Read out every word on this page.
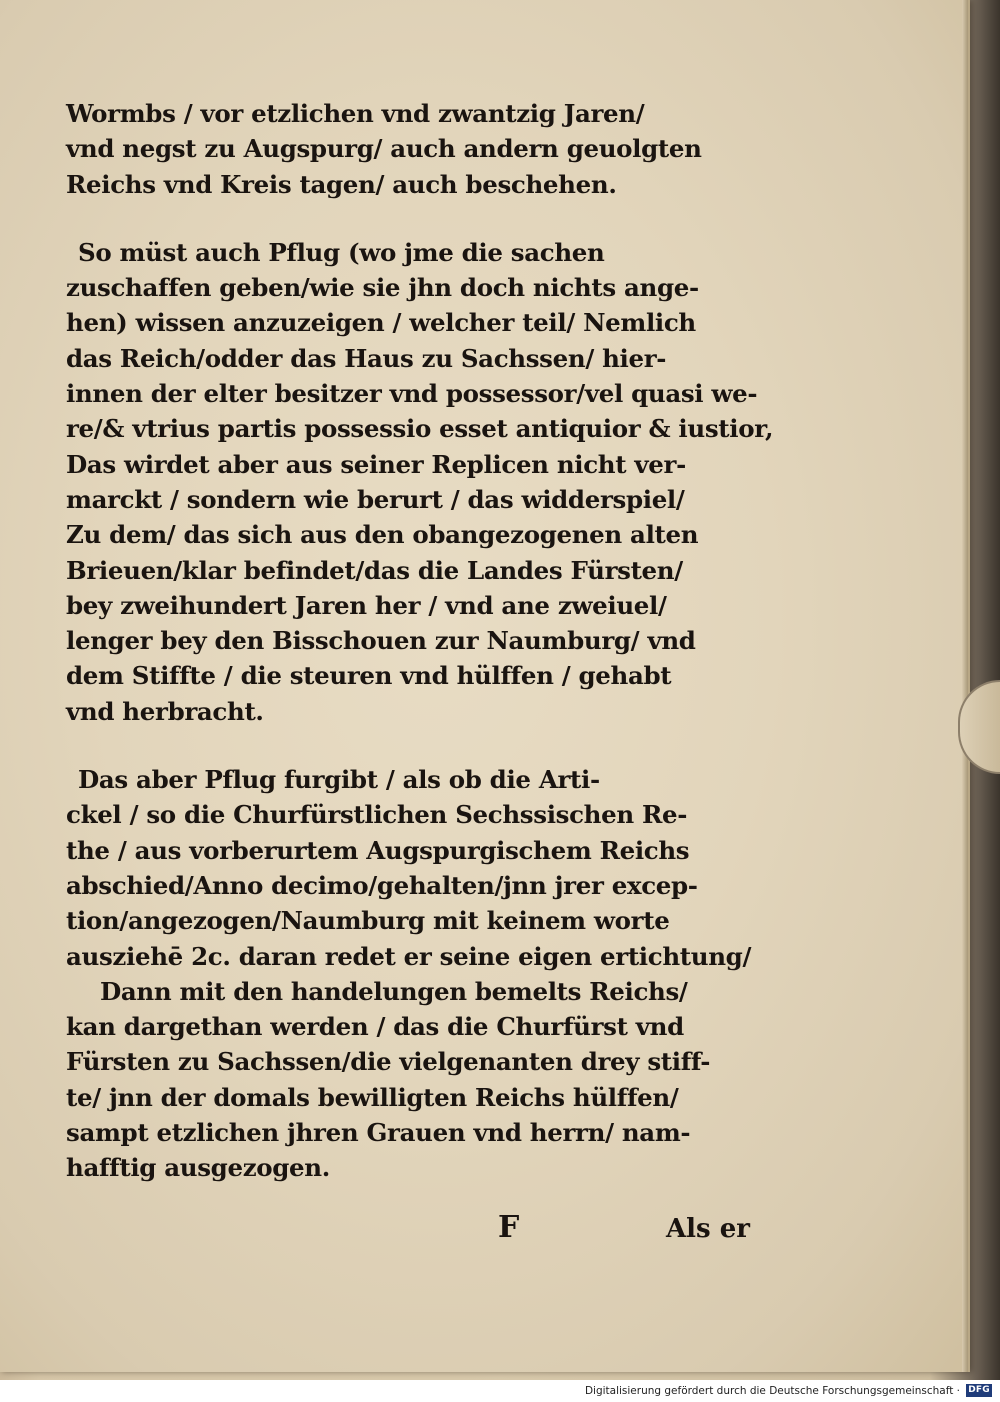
Wormbs / vor etzlichen vnd zwantzig Jaren/
vnd negst zu Augspurg/ auch andern geuolgten
Reichs vnd Kreis tagen/ auch beschehen.
So müst auch Pflug (wo jme die sachen
zuschaffen geben/wie sie jhn doch nichts ange-
hen) wissen anzuzeigen / welcher teil/ Nemlich
das Reich/odder das Haus zu Sachssen/ hier-
innen der elter besitzer vnd possessor/vel quasi we-
re/& vtrius partis possessio esset antiquior & iustior,
Das wirdet aber aus seiner Replicen nicht ver-
marckt / sondern wie berurt / das widderspiel/
Zu dem/ das sich aus den obangezogenen alten
Brieuen/klar befindet/das die Landes Fürsten/
bey zweihundert Jaren her / vnd ane zweiuel/
lenger bey den Bisschouen zur Naumburg/ vnd
dem Stiffte / die steuren vnd hülffen / gehabt
vnd herbracht.
Das aber Pflug furgibt / als ob die Arti-
ckel / so die Churfürstlichen Sechssischen Re-
the / aus vorberurtem Augspurgischem Reichs
abschied/Anno decimo/gehalten/jnn jrer excep-
tion/angezogen/Naumburg mit keinem worte
ausziehē 2c. daran redet er seine eigen ertichtung/
Dann mit den handelungen bemelts Reichs/
kan dargethan werden / das die Churfürst vnd
Fürsten zu Sachssen/die vielgenanten drey stiff-
te/ jnn der domals bewilligten Reichs hülffen/
sampt etzlichen jhren Grauen vnd herrn/ nam-
hafftig ausgezogen.
F	Als er
Digitalisierung gefördert durch die Deutsche Forschungsgemeinschaft · DFG
